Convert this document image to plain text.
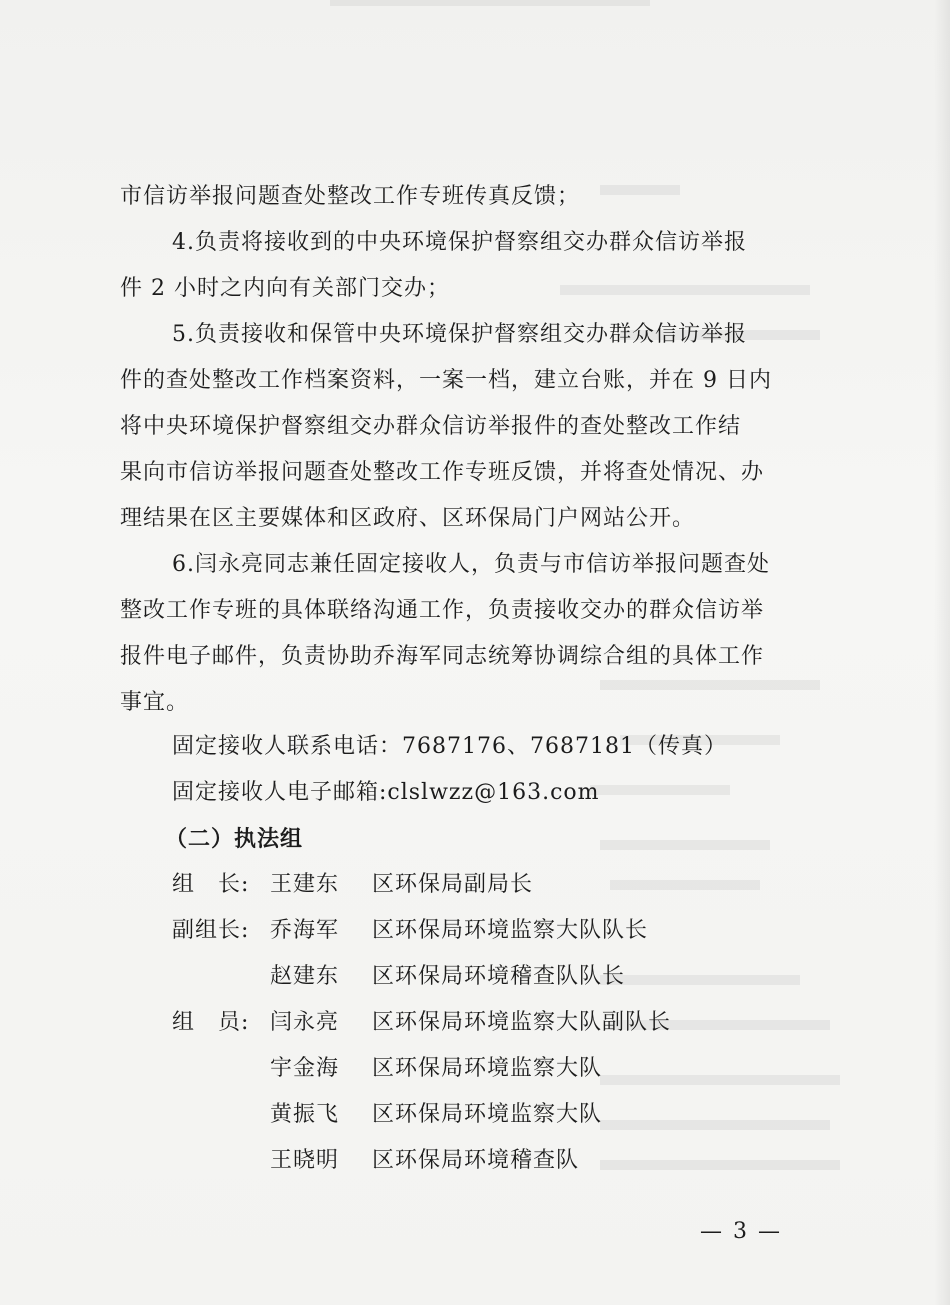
市信访举报问题查处整改工作专班传真反馈；
4.负责将接收到的中央环境保护督察组交办群众信访举报
件 2 小时之内向有关部门交办；
5.负责接收和保管中央环境保护督察组交办群众信访举报
件的查处整改工作档案资料，一案一档，建立台账，并在 9 日内
将中央环境保护督察组交办群众信访举报件的查处整改工作结
果向市信访举报问题查处整改工作专班反馈，并将查处情况、办
理结果在区主要媒体和区政府、区环保局门户网站公开。
6.闫永亮同志兼任固定接收人，负责与市信访举报问题查处
整改工作专班的具体联络沟通工作，负责接收交办的群众信访举
报件电子邮件，负责协助乔海军同志统筹协调综合组的具体工作
事宜。
固定接收人联系电话：7687176、7687181（传真）
固定接收人电子邮箱:clslwzz@163.com
（二）执法组
组　长: 王建东 区环保局副局长
副组长: 乔海军 区环保局环境监察大队队长
赵建东 区环保局环境稽查队队长
组　员: 闫永亮 区环保局环境监察大队副队长
宇金海 区环保局环境监察大队
黄振飞 区环保局环境监察大队
王晓明 区环保局环境稽查队
— 3 —
